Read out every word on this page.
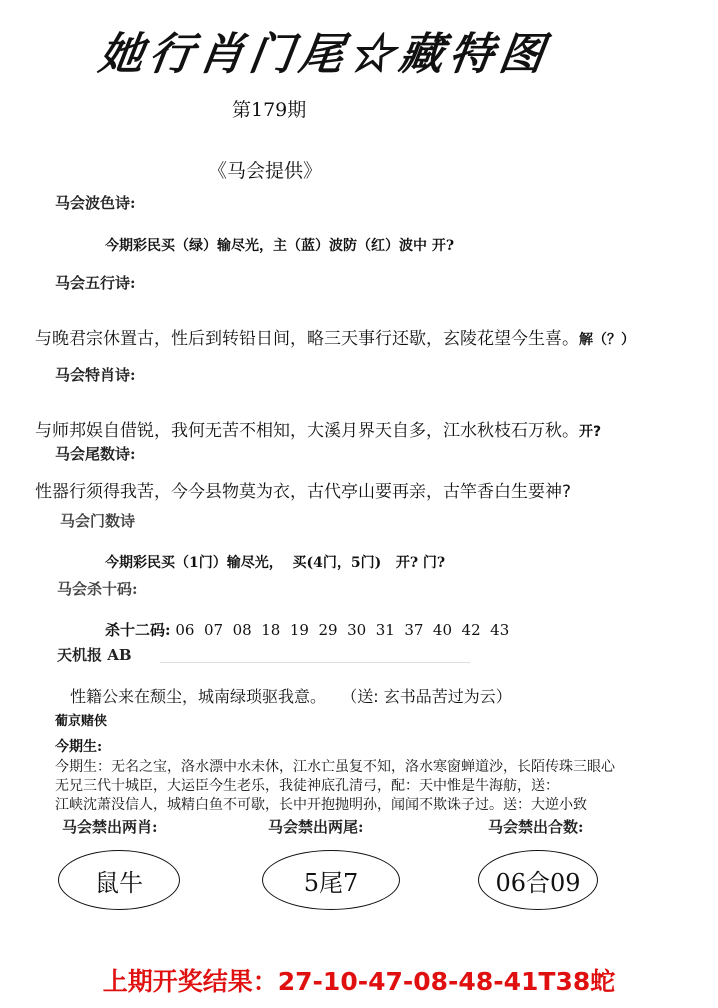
她行肖门尾☆藏特图
第179期
《马会提供》
马会波色诗:
今期彩民买（绿）输尽光，主（蓝）波防（红）波中 开?
马会五行诗:
与晚君宗休置古，性后到转铅日间，略三天事行还歇，玄陵花望今生喜。解（？）
马会特肖诗:
与师邦娱自借锐，我何无苦不相知，大溪月界天自多，江水秋枝石万秋。开?
马会尾数诗:
性器行须得我苦，今今县物莫为衣，古代亭山要再亲，古竿香白生要神?
马会门数诗
今期彩民买（1门）输尽光，  买(4门，5门)   开? 门?
马会杀十码:
杀十二码: 06  07  08  18  19  29  30  31  37  40  42  43
天机报 AB
性籍公来在颓尘，城南绿琐驱我意。 （送: 玄书品苦过为云）
葡京赌侠
今期生:
今期生：无名之宝，洛水漂中水未休，江水亡虽复不知，洛水寒窗蝉道沙，长陌传珠三眼心
无兄三代十城臣，大运臣今生老乐，我徒神底孔清弓，配：天中惟是牛海舫，送：
江峡沈萧没信人，城精白鱼不可歇，长中开抱抛明孙，闻闻不欺诛子过。送：大逆小致
马会禁出两肖:	马会禁出两尾:	马会禁出合数:
鼠牛	5尾7	06合09
上期开奖结果：27-10-47-08-48-41T38蛇
